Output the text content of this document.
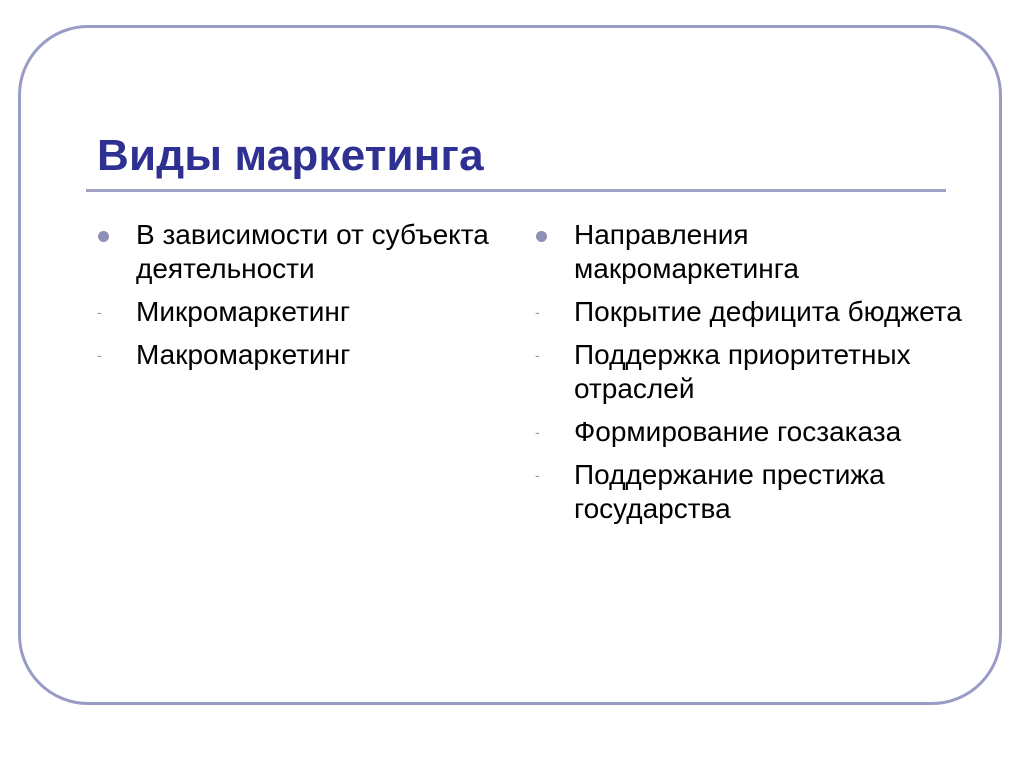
Виды маркетинга
В зависимости от субъекта деятельности
- Микромаркетинг
- Макромаркетинг
Направления макромаркетинга
- Покрытие дефицита бюджета
- Поддержка приоритетных отраслей
- Формирование госзаказа
- Поддержание престижа государства
